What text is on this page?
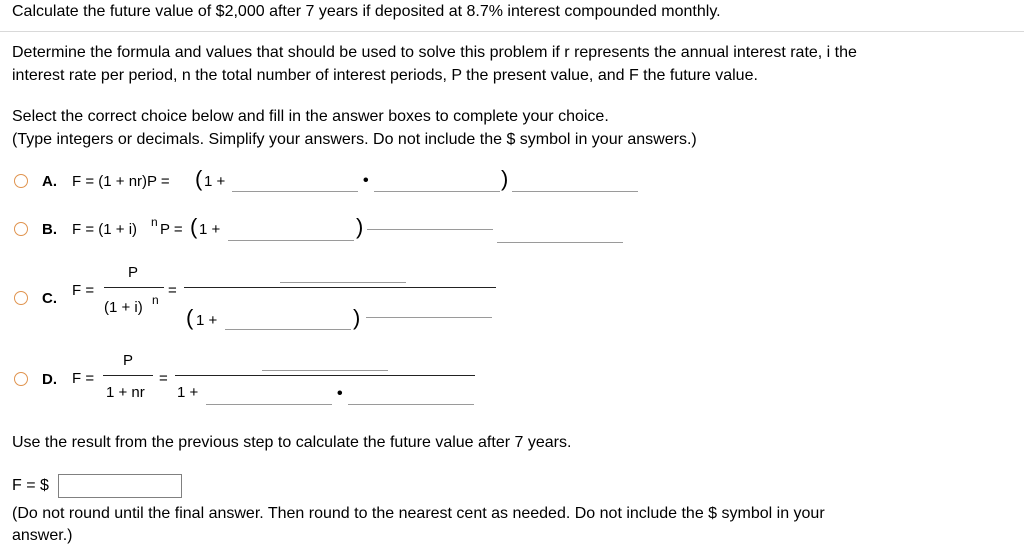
Calculate the future value of $2,000 after 7 years if deposited at 8.7% interest compounded monthly.
Determine the formula and values that should be used to solve this problem if r represents the annual interest rate, i the
interest rate per period, n the total number of interest periods, P the present value, and F the future value.
Select the correct choice below and fill in the answer boxes to complete your choice.
(Type integers or decimals. Simplify your answers. Do not include the $ symbol in your answers.)
A. F = (1 + nr)P = ( 1 +	•	)
B. F = (1 + i) n P = ( 1 +	)
C. F =
P
(1 + i) n
=
( 1 +	)
D. F =
P
1 + nr
=
1 +	•
Use the result from the previous step to calculate the future value after 7 years.
F = $
(Do not round until the final answer. Then round to the nearest cent as needed. Do not include the $ symbol in your
answer.)
